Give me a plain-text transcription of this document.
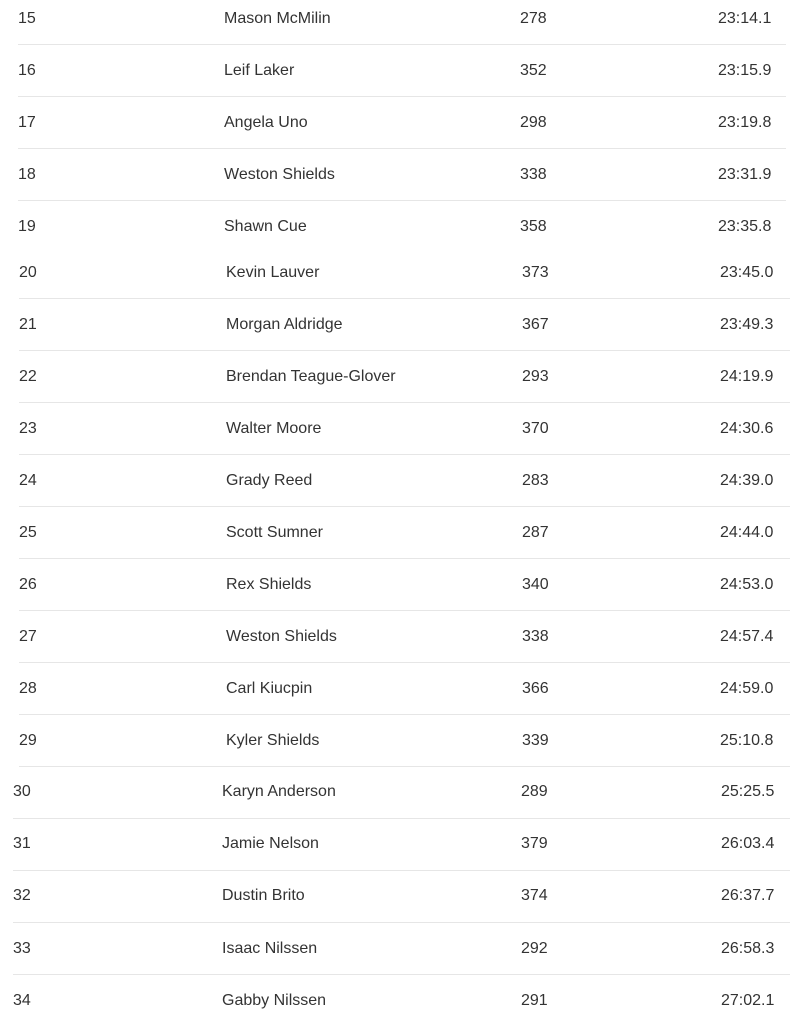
15	Mason McMilin	278	23:14.1
16	Leif Laker	352	23:15.9
17	Angela Uno	298	23:19.8
18	Weston Shields	338	23:31.9
19	Shawn Cue	358	23:35.8
20	Kevin Lauver	373	23:45.0
21	Morgan Aldridge	367	23:49.3
22	Brendan Teague-Glover	293	24:19.9
23	Walter Moore	370	24:30.6
24	Grady Reed	283	24:39.0
25	Scott Sumner	287	24:44.0
26	Rex Shields	340	24:53.0
27	Weston Shields	338	24:57.4
28	Carl Kiucpin	366	24:59.0
29	Kyler Shields	339	25:10.8
30	Karyn Anderson	289	25:25.5
31	Jamie Nelson	379	26:03.4
32	Dustin Brito	374	26:37.7
33	Isaac Nilssen	292	26:58.3
34	Gabby Nilssen	291	27:02.1
